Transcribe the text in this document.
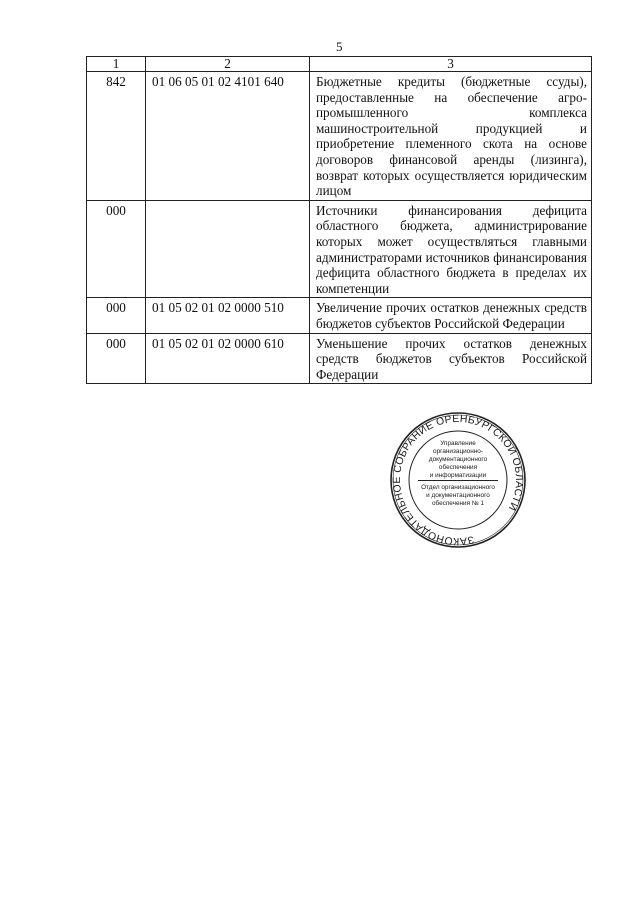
5
1	2	3
842	01 06 05 01 02 4101 640	Бюджетные кредиты (бюджетные ссуды), предоставленные на обеспечение агро-промышленного комплекса машиностроительной продукцией и приобретение племенного скота на основе договоров финансовой аренды (лизинга), возврат которых осуществляется юридическим лицом
000		Источники финансирования дефицита областного бюджета, администрирование которых может осуществляться главными администраторами источников финансирования дефицита областного бюджета в пределах их компетенции
000	01 05 02 01 02 0000 510	Увеличение прочих остатков денежных средств бюджетов субъектов Российской Федерации
000	01 05 02 01 02 0000 610	Уменьшение прочих остатков денежных средств бюджетов субъектов Российской Федерации
ЗАКОНОДАТЕЛЬНОЕ СОБРАНИЕ ОРЕНБУРГСКОЙ ОБЛАСТИ
Управление
организационно-
документационного
обеспечения
и информатизации
Отдел организационного
и документационного
обеспечения № 1
